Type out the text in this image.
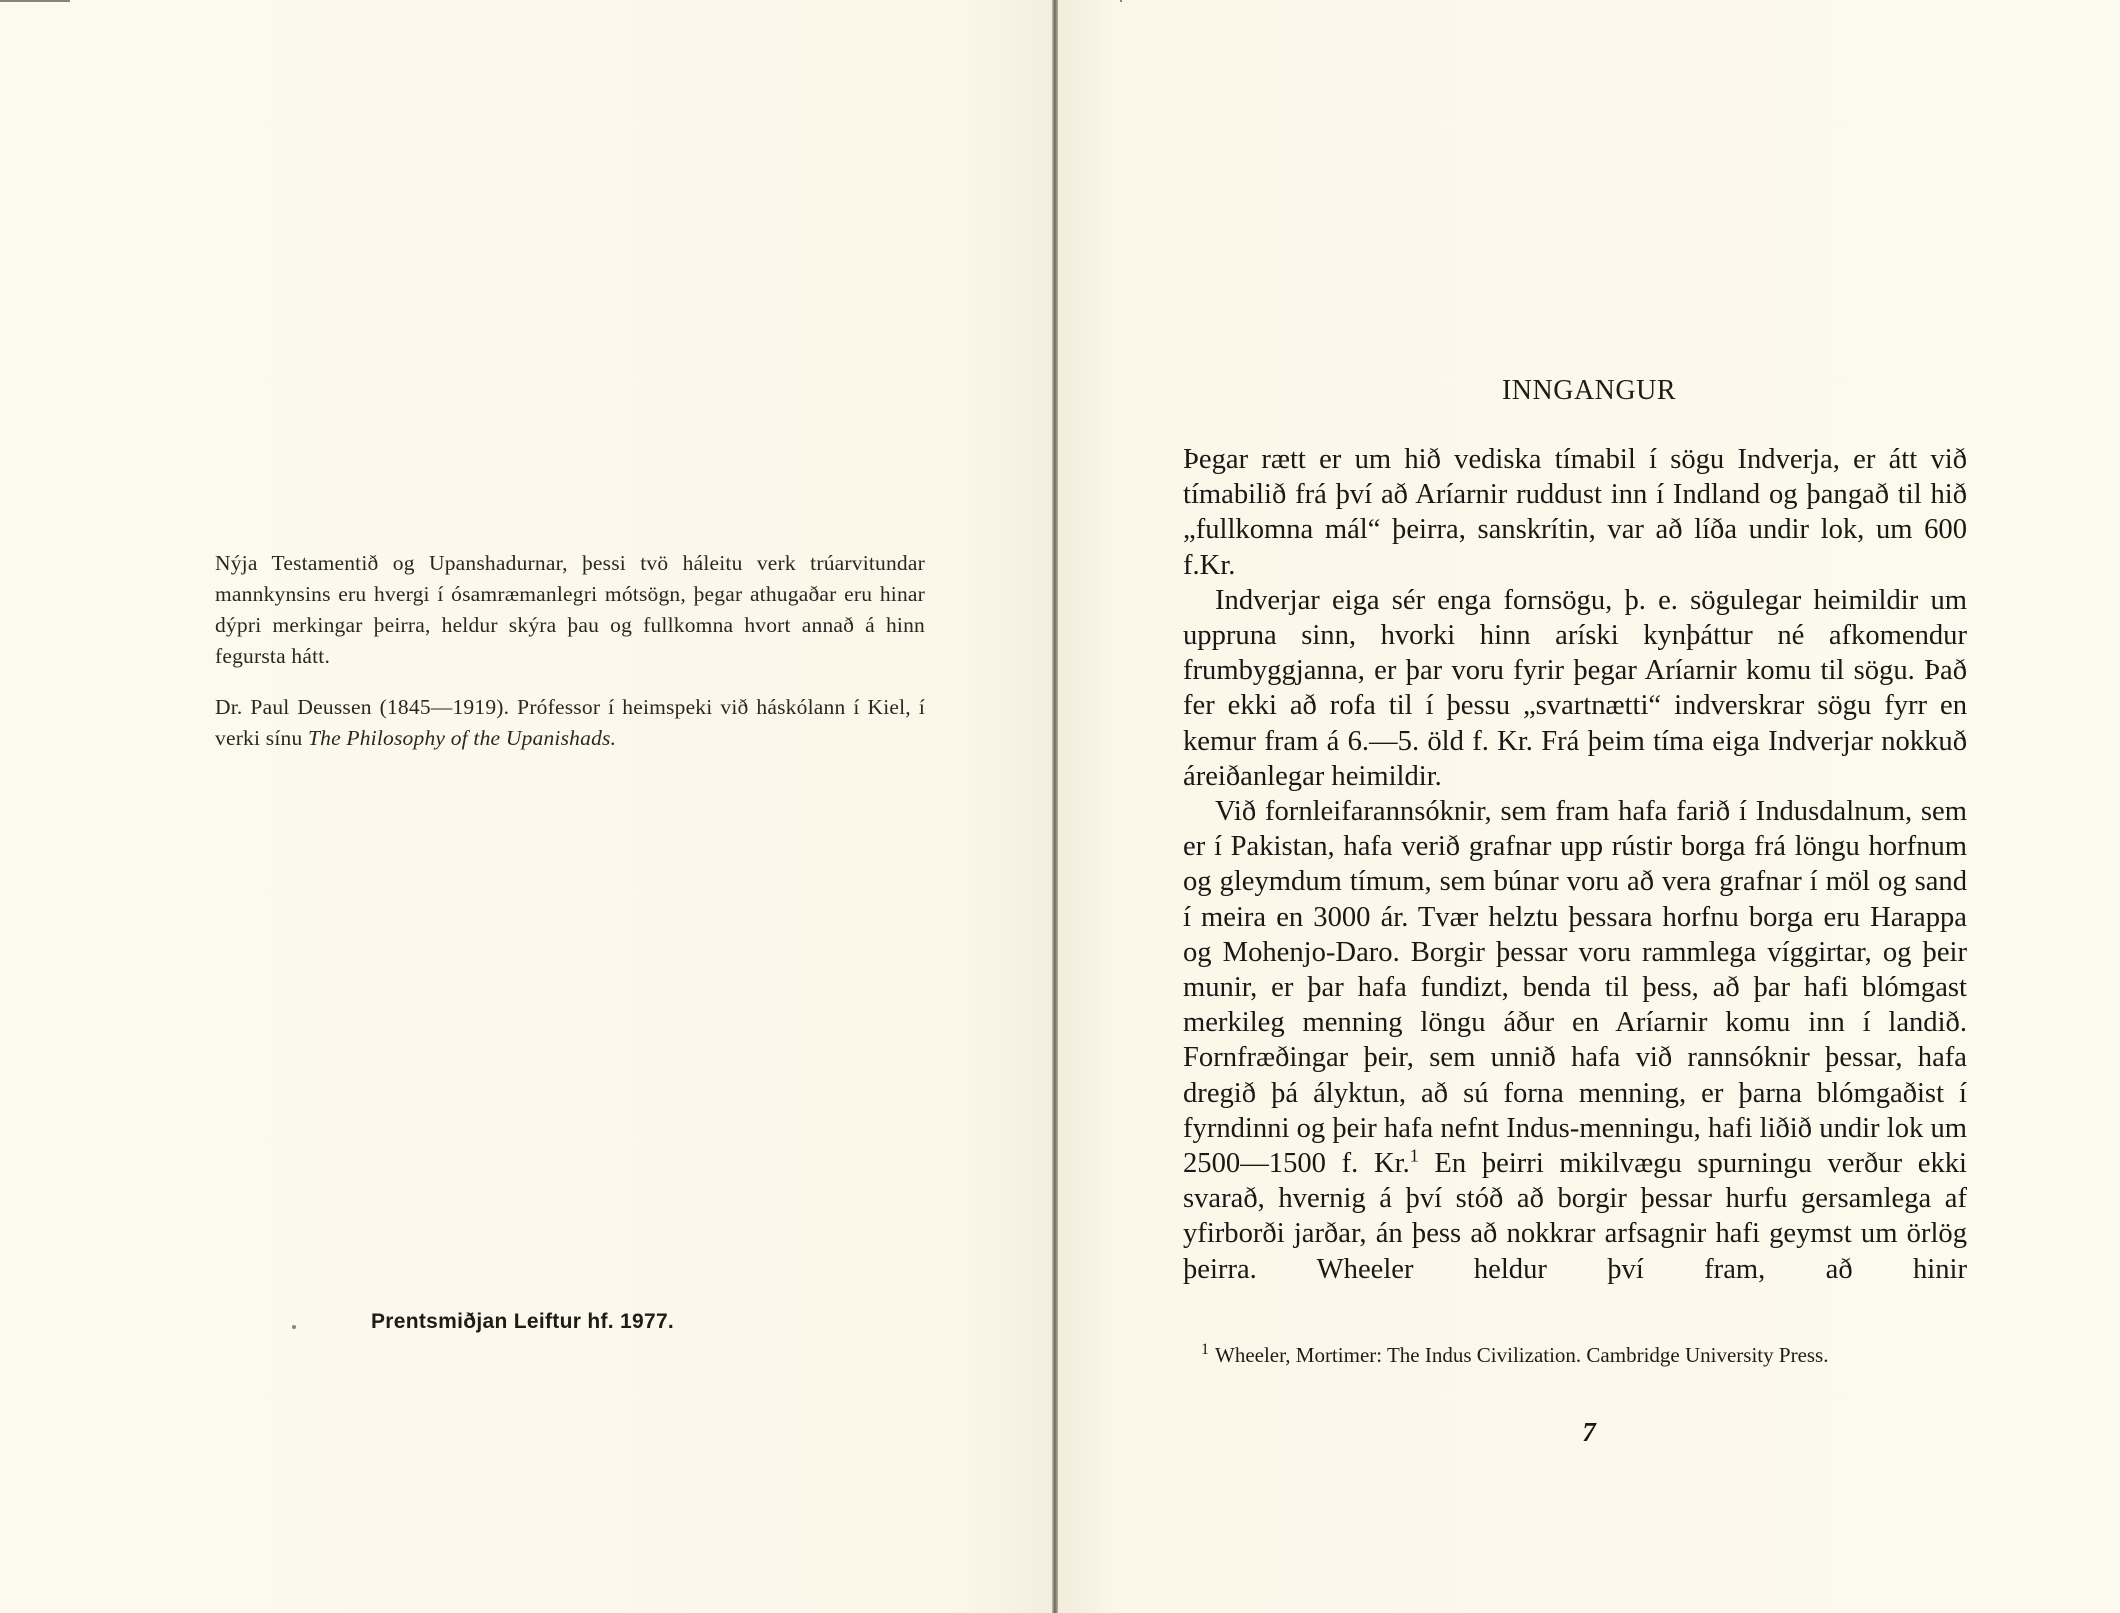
Nýja Testamentið og Upanshadurnar, þessi tvö háleitu verk trúarvitundar mannkynsins eru hvergi í ósamræmanlegri mótsögn, þegar athugaðar eru hinar dýpri merkingar þeirra, heldur skýra þau og fullkomna hvort annað á hinn fegursta hátt.

Dr. Paul Deussen (1845—1919). Prófessor í heimspeki við háskólann í Kiel, í verki sínu The Philosophy of the Upanishads.

Prentsmiðjan Leiftur hf. 1977.
INNGANGUR

Þegar rætt er um hið vediska tímabil í sögu Indverja, er átt við tímabilið frá því að Aríarnir ruddust inn í Indland og þangað til hið „fullkomna mál“ þeirra, sanskrítin, var að líða undir lok, um 600 f.Kr.

Indverjar eiga sér enga fornsögu, þ. e. sögulegar heimildir um uppruna sinn, hvorki hinn aríski kynþáttur né afkomendur frumbyggjanna, er þar voru fyrir þegar Aríarnir komu til sögu. Það fer ekki að rofa til í þessu „svartnætti“ indverskrar sögu fyrr en kemur fram á 6.—5. öld f. Kr. Frá þeim tíma eiga Indverjar nokkuð áreiðanlegar heimildir.

Við fornleifarannsóknir, sem fram hafa farið í Indusdalnum, sem er í Pakistan, hafa verið grafnar upp rústir borga frá löngu horfnum og gleymdum tímum, sem búnar voru að vera grafnar í möl og sand í meira en 3000 ár. Tvær helztu þessara horfnu borga eru Harappa og Mohenjo-Daro. Borgir þessar voru rammlega víggirtar, og þeir munir, er þar hafa fundizt, benda til þess, að þar hafi blómgast merkileg menning löngu áður en Aríarnir komu inn í landið. Fornfræðingar þeir, sem unnið hafa við rannsóknir þessar, hafa dregið þá ályktun, að sú forna menning, er þarna blómgaðist í fyrndinni og þeir hafa nefnt Indus-menningu, hafi liðið undir lok um 2500—1500 f. Kr.$^1$ En þeirri mikilvægu spurningu verður ekki svarað, hvernig á því stóð að borgir þessar hurfu gersamlega af yfirborði jarðar, án þess að nokkrar arfsagnir hafi geymst um örlög þeirra. Wheeler heldur því fram, að hinir

$^1$ Wheeler, Mortimer: The Indus Civilization. Cambridge University Press.
7
